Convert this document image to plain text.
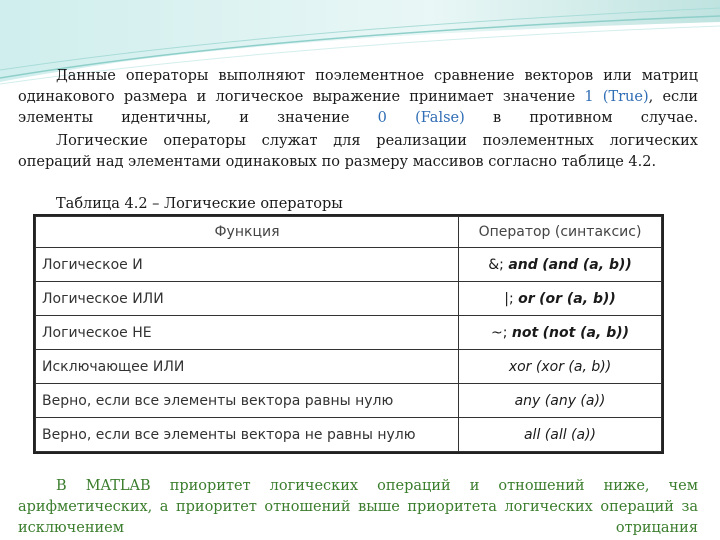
Данные операторы выполняют поэлементное сравнение векторов или матриц одинакового размера и логическое выражение принимает значение 1 (True), если элементы идентичны, и значение 0 (False) в противном случае.
Логические операторы служат для реализации поэлементных логических операций над элементами одинаковых по размеру массивов согласно таблице 4.2.
Таблица 4.2 – Логические операторы
Функция	Оператор (синтаксис)
Логическое И	&; and (and (a, b))
Логическое ИЛИ	|; or (or (a, b))
Логическое НЕ	~; not (not (a, b))
Исключающее ИЛИ	xor (xor (a, b))
Верно, если все элементы вектора равны нулю	any (any (a))
Верно, если все элементы вектора не равны нулю	all (all (a))
В MATLAB приоритет логических операций и отношений ниже, чем арифметических, а приоритет отношений выше приоритета логических операций за исключением отрицания
